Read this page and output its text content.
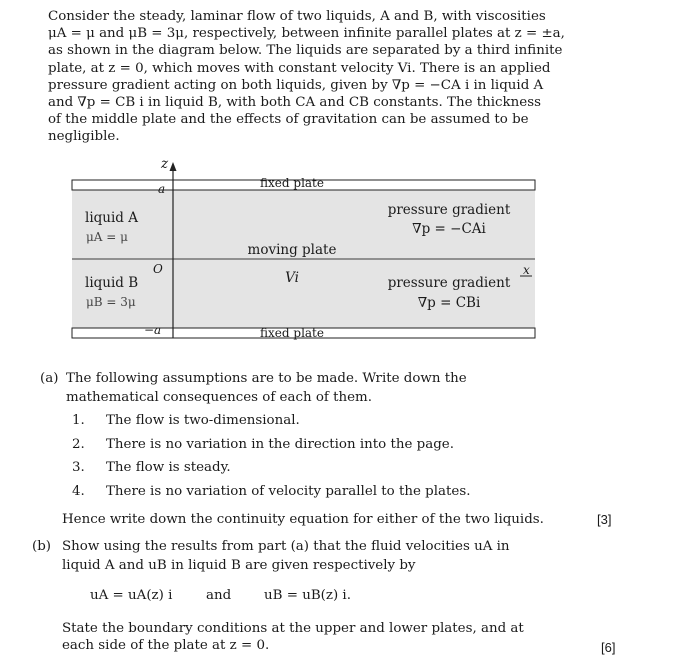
Consider the steady, laminar flow of two liquids, A and B, with viscosities

μA = μ and μB = 3μ, respectively, between infinite parallel plates at z = ±a,

as shown in the diagram below. The liquids are separated by a third infinite

plate, at z = 0, which moves with constant velocity Vi. There is an applied

pressure gradient acting on both liquids, given by ∇p = −CA i in liquid A

and ∇p = CB i in liquid B, with both CA and CB constants. The thickness

of the middle plate and the effects of gravitation can be assumed to be

negligible.

z
a	fixed plate
liquid A
μA = μ
pressure gradient
∇p = −CAi
moving plate
O
Vi	x
liquid B
μB = 3μ
pressure gradient
∇p = CBi
−a	fixed plate
(a) The following assumptions are to be made. Write down the
mathematical consequences of each of them.
1. The flow is two-dimensional.
2. There is no variation in the direction into the page.
3. The flow is steady.
4. There is no variation of velocity parallel to the plates.
Hence write down the continuity equation for either of the two liquids.	[3]
(b) Show using the results from part (a) that the fluid velocities uA in
liquid A and uB in liquid B are given respectively by
uA = uA(z) i	and uB = uB(z) i.
State the boundary conditions at the upper and lower plates, and at
each side of the plate at z = 0.	[6]
